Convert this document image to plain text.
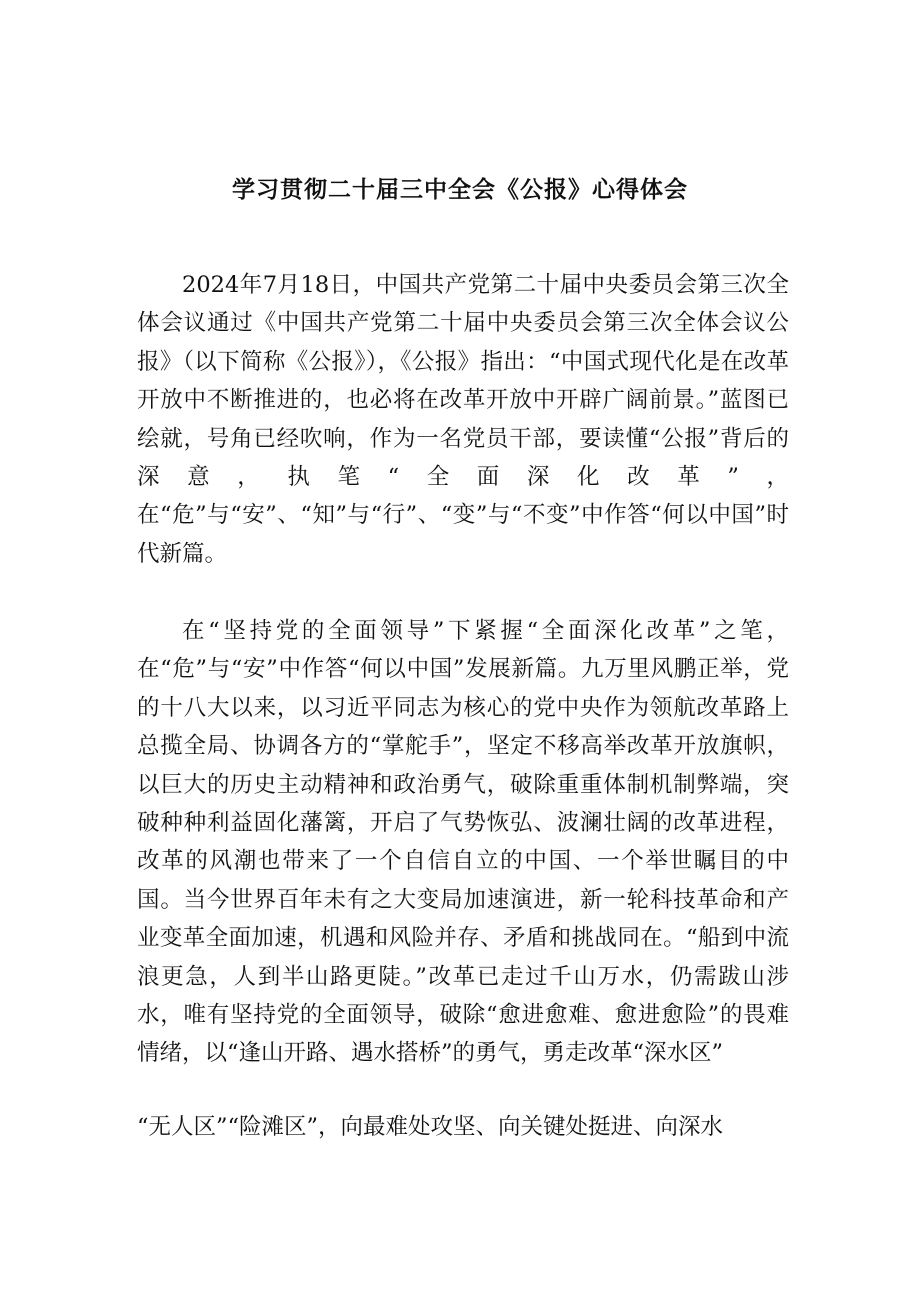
学习贯彻二十届三中全会《公报》心得体会

2024年7月18日，中国共产党第二十届中央委员会第三次全体会议通过《中国共产党第二十届中央委员会第三次全体会议公报》（以下简称《公报》），《公报》指出：“中国式现代化是在改革开放中不断推进的，也必将在改革开放中开辟广阔前景。”蓝图已绘就，号角已经吹响，作为一名党员干部，要读懂“公报”背后的深意，执笔“全面深化改革”，在“危”与“安”、“知”与“行”、“变”与“不变”中作答“何以中国”时代新篇。

在“坚持党的全面领导”下紧握“全面深化改革”之笔，在“危”与“安”中作答“何以中国”发展新篇。九万里风鹏正举，党的十八大以来，以习近平同志为核心的党中央作为领航改革路上总揽全局、协调各方的“掌舵手”，坚定不移高举改革开放旗帜，以巨大的历史主动精神和政治勇气，破除重重体制机制弊端，突破种种利益固化藩篱，开启了气势恢弘、波澜壮阔的改革进程，改革的风潮也带来了一个自信自立的中国、一个举世瞩目的中国。当今世界百年未有之大变局加速演进，新一轮科技革命和产业变革全面加速，机遇和风险并存、矛盾和挑战同在。“船到中流浪更急，人到半山路更陡。”改革已走过千山万水，仍需跋山涉水，唯有坚持党的全面领导，破除“愈进愈难、愈进愈险”的畏难情绪，以“逢山开路、遇水搭桥”的勇气，勇走改革“深水区”

“无人区”“险滩区”，向最难处攻坚、向关键处挺进、向深水
